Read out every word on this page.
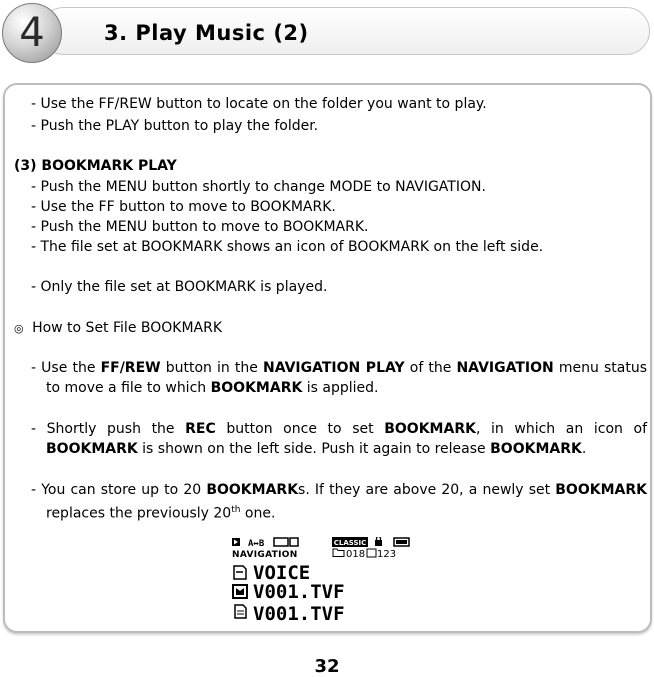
4	3. Play Music (2)
- Use the FF/REW button to locate on the folder you want to play.
- Push the PLAY button to play the folder.
(3) BOOKMARK PLAY
- Push the MENU button shortly to change MODE to NAVIGATION.
- Use the FF button to move to BOOKMARK.
- Push the MENU button to move to BOOKMARK.
- The file set at BOOKMARK shows an icon of BOOKMARK on the left side.
- Only the file set at BOOKMARK is played.
◎ How to Set File BOOKMARK
- Use the FF/REW button in the NAVIGATION PLAY of the NAVIGATION menu status to move a file to which BOOKMARK is applied.
- Shortly push the REC button once to set BOOKMARK, in which an icon of BOOKMARK is shown on the left side. Push it again to release BOOKMARK.
- You can store up to 20 BOOKMARKs. If they are above 20, a newly set BOOKMARK replaces the previously 20th one.
A↔B	CLASSIC
NAVIGATION	018 123
VOICE
V001.TVF
V001.TVF
32
